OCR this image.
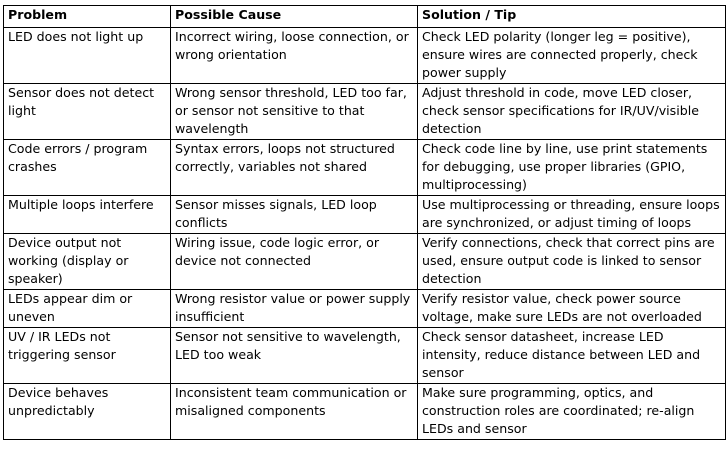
Problem	Possible Cause	Solution / Tip
LED does not light up	Incorrect wiring, loose connection, or wrong orientation	Check LED polarity (longer leg = positive), ensure wires are connected properly, check power supply
Sensor does not detect light	Wrong sensor threshold, LED too far, or sensor not sensitive to that wavelength	Adjust threshold in code, move LED closer, check sensor specifications for IR/UV/visible detection
Code errors / program crashes	Syntax errors, loops not structured correctly, variables not shared	Check code line by line, use print statements for debugging, use proper libraries (GPIO, multiprocessing)
Multiple loops interfere	Sensor misses signals, LED loop conflicts	Use multiprocessing or threading, ensure loops are synchronized, or adjust timing of loops
Device output not working (display or speaker)	Wiring issue, code logic error, or device not connected	Verify connections, check that correct pins are used, ensure output code is linked to sensor detection
LEDs appear dim or uneven	Wrong resistor value or power supply insufficient	Verify resistor value, check power source voltage, make sure LEDs are not overloaded
UV / IR LEDs not triggering sensor	Sensor not sensitive to wavelength, LED too weak	Check sensor datasheet, increase LED intensity, reduce distance between LED and sensor
Device behaves unpredictably	Inconsistent team communication or misaligned components	Make sure programming, optics, and construction roles are coordinated; re-align LEDs and sensor
